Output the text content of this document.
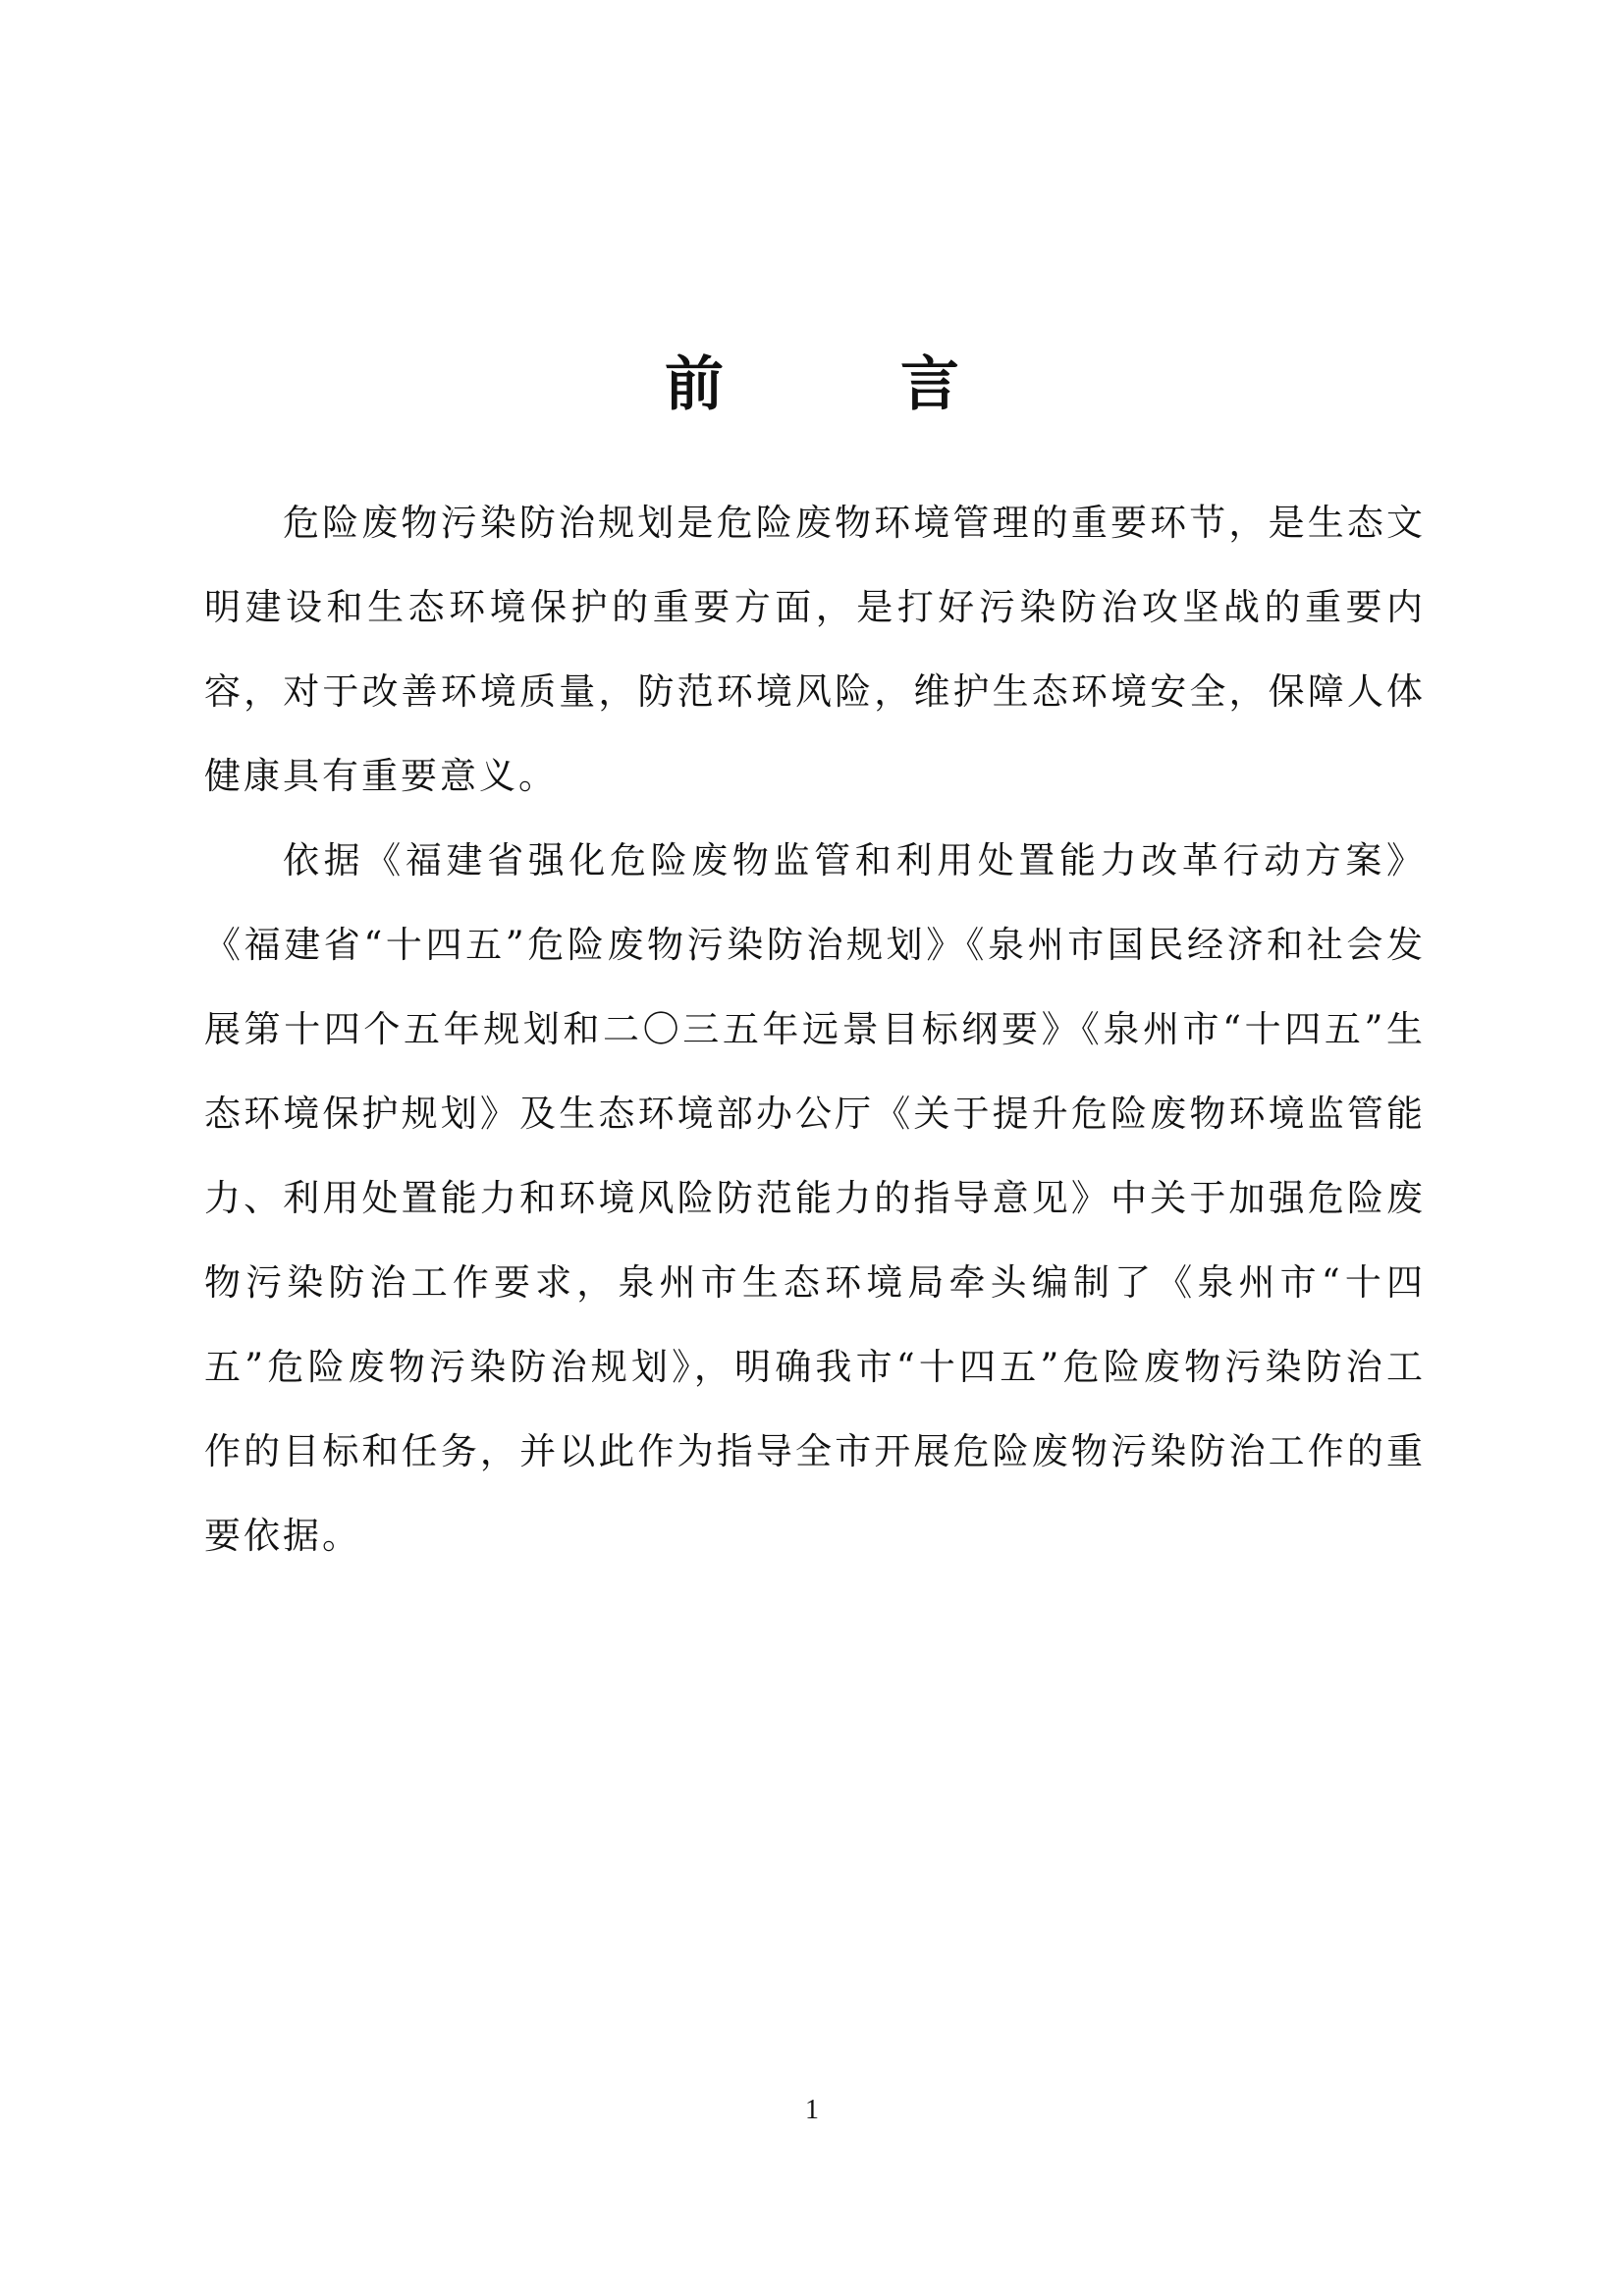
前　言

危险废物污染防治规划是危险废物环境管理的重要环节，是生态文明建设和生态环境保护的重要方面，是打好污染防治攻坚战的重要内容，对于改善环境质量，防范环境风险，维护生态环境安全，保障人体健康具有重要意义。

依据《福建省强化危险废物监管和利用处置能力改革行动方案》《福建省“十四五”危险废物污染防治规划》《泉州市国民经济和社会发展第十四个五年规划和二〇三五年远景目标纲要》《泉州市“十四五”生态环境保护规划》及生态环境部办公厅《关于提升危险废物环境监管能力、利用处置能力和环境风险防范能力的指导意见》中关于加强危险废物污染防治工作要求，泉州市生态环境局牵头编制了《泉州市“十四五”危险废物污染防治规划》，明确我市“十四五”危险废物污染防治工作的目标和任务，并以此作为指导全市开展危险废物污染防治工作的重要依据。

1
